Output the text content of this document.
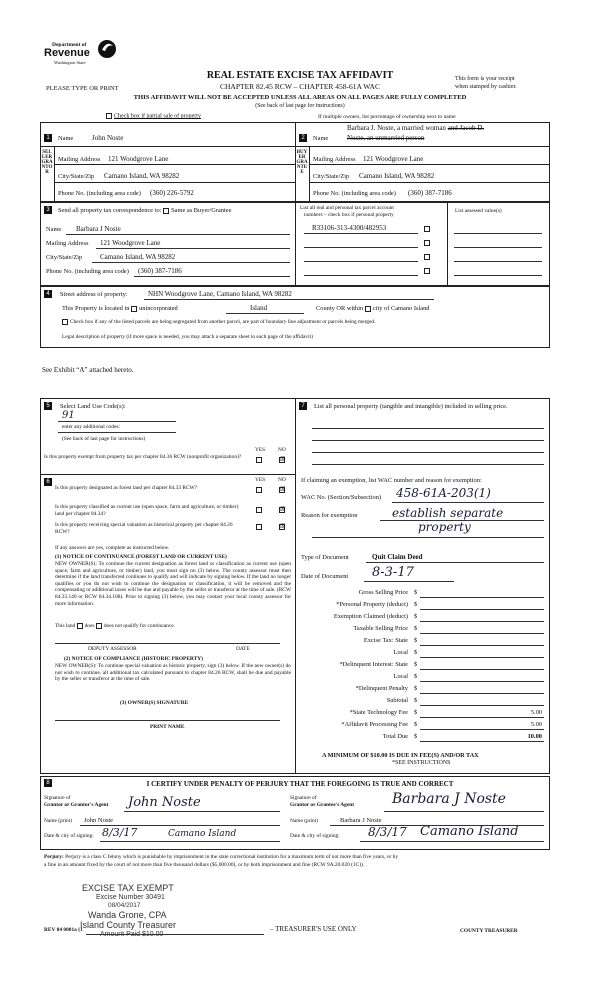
Department of
Revenue
Washington State
REAL ESTATE EXCISE TAX AFFIDAVIT
CHAPTER 82.45 RCW – CHAPTER 458-61A WAC
PLEASE TYPE OR PRINT
This form is your receipt
when stamped by cashier.
THIS AFFIDAVIT WILL NOT BE ACCEPTED UNLESS ALL AREAS ON ALL PAGES ARE FULLY COMPLETED
(See back of last page for instructions)
Check box if partial sale of property	If multiple owners, list percentage of ownership next to name
1	Name	John Noste
SELLER GRANTOR
Mailing Address 121 Woodgrove Lane
City/State/Zip Camano Island, WA 98282
Phone No. (including area code) (360) 226-5792
2	Name
Barbara J. Noste, a married woman and Jacob D.
Noste, an unmarried person
BUYER GRANTEE
Mailing Address 121 Woodgrove Lane
City/State/Zip Camano Island, WA 98282
Phone No. (including area code) (360) 387-7186
3	Send all property tax correspondence to: Same as Buyer/Grantee
Name Barbara J Noste
Mailing Address 121 Woodgrove Lane
City/State/Zip	Camano Island, WA 98282
Phone No. (including area code) (360) 387-7186
List all real and personal tax parcel account
numbers – check box if personal property
List assessed value(s)
R33106-313-4300/482953
4	Street address of property:	NHN Woodgrove Lane, Camano Island, WA 98282
This Property is located in unincorporated	Island	County OR within city of Camano Island
Check box if any of the listed parcels are being segregated from another parcel, are part of boundary line adjustment or parcels being merged.
Legal description of property (if more space is needed, you may attach a separate sheet to each page of the affidavit)
See Exhibit “A” attached hereto.
5	Select Land Use Code(s):
91
enter any additional codes:
(See back of last page for instructions)
YES NO
Is this property exempt from property tax per chapter 84.36 RCW (nonprofit organization)?	☒
6	YES NO
Is this property designated as forest land per chapter 84.33 RCW?	☒
Is this property classified as current use (open space, farm and agriculture, or timber) land per chapter 84.34?
☒
Is this property receiving special valuation as historical property per chapter 84.26 RCW?
☒
If any answers are yes, complete as instructed below.
(1) NOTICE OF CONTINUANCE (FOREST LAND OR CURRENT USE)
NEW OWNER(S): To continue the current designation as forest land or classification as current use (open space, farm and agriculture, or timber) land, you must sign on (3) below. The county assessor must then determine if the land transferred continues to qualify and will indicate by signing below. If the land no longer qualifies or you do not wish to continue the designation or classification, it will be removed and the compensating or additional taxes will be due and payable by the seller or transferor at the time of sale. (RCW 84.33.140 or RCW 84.34.108). Prior to signing (3) below, you may contact your local county assessor for more information.
This land does does not qualify for continuance.
DEPUTY ASSESSOR	DATE
(2) NOTICE OF COMPLIANCE (HISTORIC PROPERTY)
NEW OWNER(S): To continue special valuation as historic property, sign (3) below. If the new owner(s) do not wish to continue, all additional tax calculated pursuant to chapter 84.26 RCW, shall be due and payable by the seller or transferor at the time of sale.
(3) OWNER(S) SIGNATURE
PRINT NAME
7	List all personal property (tangible and intangible) included in selling price.
If claiming an exemption, list WAC number and reason for exemption:
WAC No. (Section/Subsection) 458-61A-203(1)
Reason for exemption	establish separate
property
Type of Document	Quit Claim Deed
Date of Document 8-3-17
Gross Selling Price $
*Personal Property (deduct) $
Exemption Claimed (deduct) $
Taxable Selling Price $
Excise Tax: State $
Local $
*Delinquent Interest: State $
Local $
*Delinquent Penalty $
Subtotal $
*State Technology Fee $	5.00
*Affidavit Processing Fee $	5.00
Total Due $	10.00
A MINIMUM OF $10.00 IS DUE IN FEE(S) AND/OR TAX
*SEE INSTRUCTIONS
8	I CERTIFY UNDER PENALTY OF PERJURY THAT THE FOREGOING IS TRUE AND CORRECT
Signature of
Grantor or Grantor's Agent John Noste
Name (print) John Noste
Date & city of signing: 8/3/17	Camano Island
Signature of
Grantor or Grantee's Agent	Barbara J Noste
Name (print)	Barbara J Noste
Date & city of signing: 8/3/17 Camano Island
Perjury: Perjury is a class C felony which is punishable by imprisonment in the state correctional institution for a maximum term of not more than five years, or by
a fine in an amount fixed by the court of not more than five thousand dollars ($5,000.00), or by both imprisonment and fine (RCW 9A.20.020 (1C)).
EXCISE TAX EXEMPT
Excise Number 30491
08/04/2017
Wanda Grone, CPA
Island County Treasurer
Amount Paid $10.00
REV 84 0001a (1	– TREASURER'S USE ONLY	COUNTY TREASURER
